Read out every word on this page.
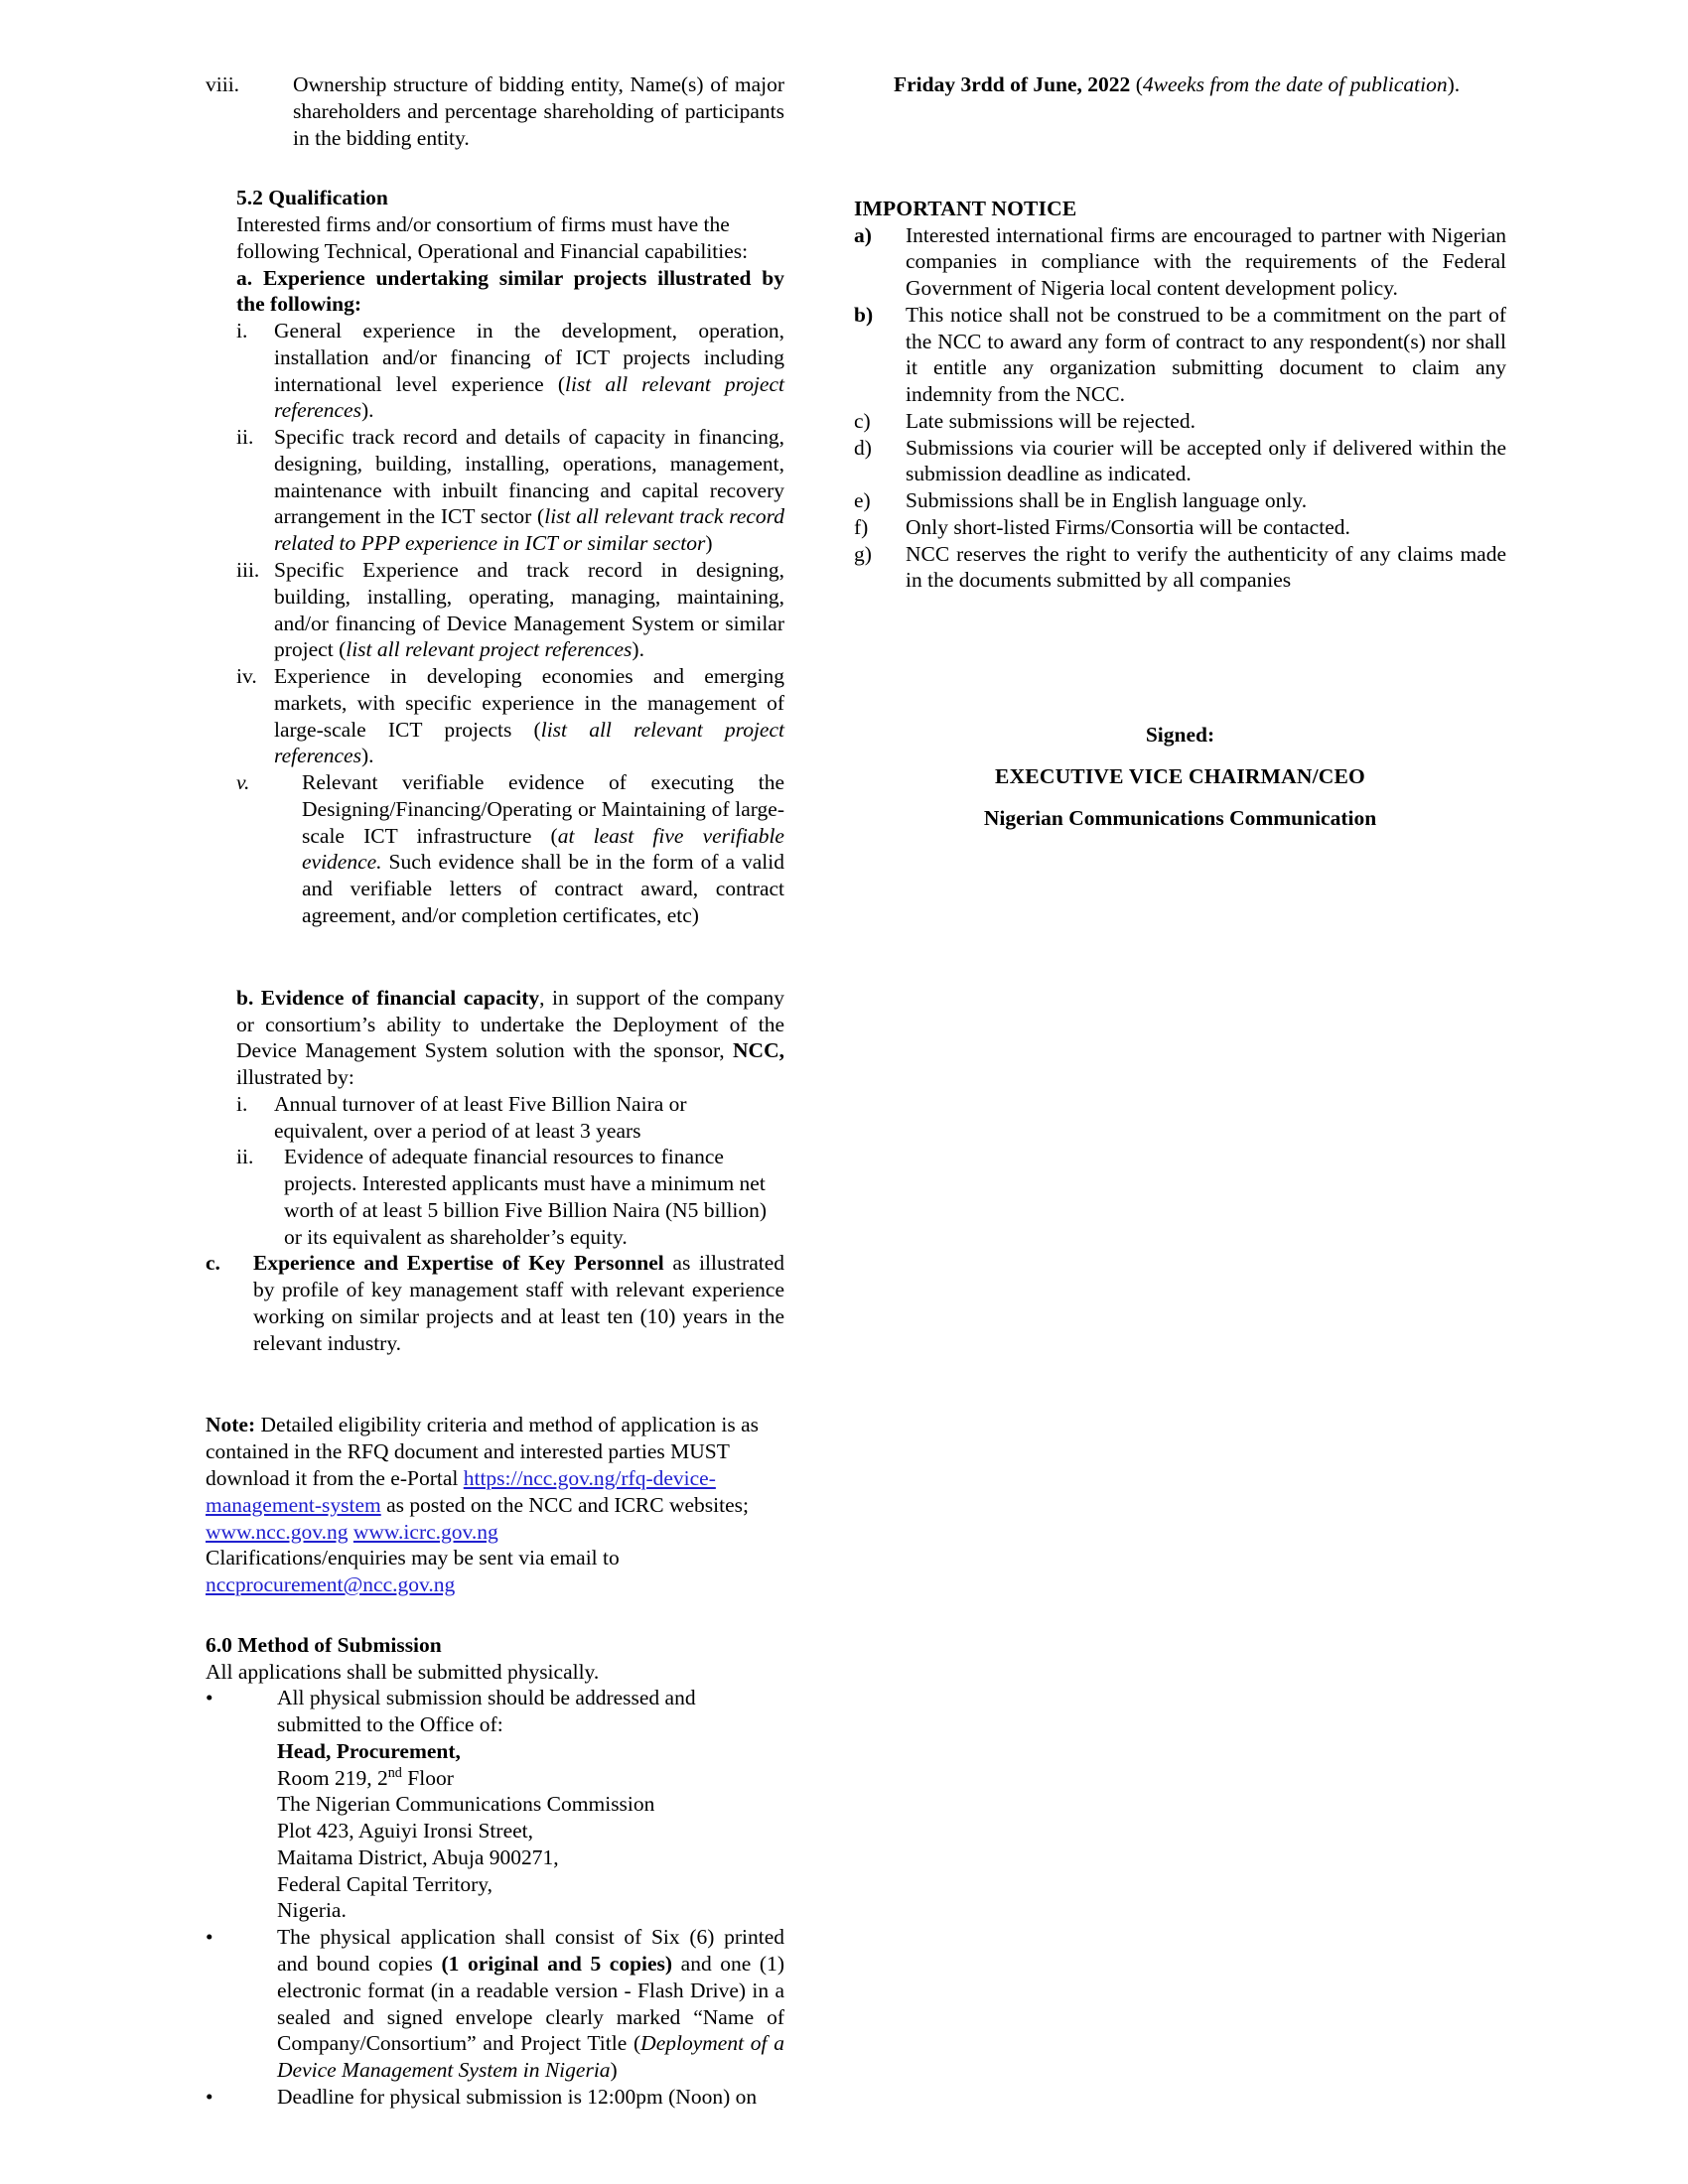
viii.	Ownership structure of bidding entity, Name(s) of major shareholders and percentage shareholding of participants in the bidding entity.
5.2 Qualification
Interested firms and/or consortium of firms must have the following Technical, Operational and Financial capabilities:
a. Experience undertaking similar projects illustrated by the following:
i.	General experience in the development, operation, installation and/or financing of ICT projects including international level experience (list all relevant project references).
ii. Specific track record and details of capacity in financing, designing, building, installing, operations, management, maintenance with inbuilt financing and capital recovery arrangement in the ICT sector (list all relevant track record related to PPP experience in ICT or similar sector)
iii. Specific Experience and track record in designing, building, installing, operating, managing, maintaining, and/or financing of Device Management System or similar project (list all relevant project references).
iv. Experience in developing economies and emerging markets, with specific experience in the management of large-scale ICT projects (list all relevant project references).
v.	Relevant verifiable evidence of executing the Designing/Financing/Operating or Maintaining of large-scale ICT infrastructure (at least five verifiable evidence. Such evidence shall be in the form of a valid and verifiable letters of contract award, contract agreement, and/or completion certificates, etc)
b. Evidence of financial capacity, in support of the company or consortium’s ability to undertake the Deployment of the Device Management System solution with the sponsor, NCC, illustrated by:
i.	Annual turnover of at least Five Billion Naira or equivalent, over a period of at least 3 years
ii.	Evidence of adequate financial resources to finance projects. Interested applicants must have a minimum net worth of at least 5 billion Five Billion Naira (N5 billion) or its equivalent as shareholder’s equity.
c.	Experience and Expertise of Key Personnel as illustrated by profile of key management staff with relevant experience working on similar projects and at least ten (10) years in the relevant industry.
Note: Detailed eligibility criteria and method of application is as contained in the RFQ document and interested parties MUST download it from the e-Portal https://ncc.gov.ng/rfq-device-management-system as posted on the NCC and ICRC websites; www.ncc.gov.ng www.icrc.gov.ng
Clarifications/enquiries may be sent via email to
nccprocurement@ncc.gov.ng
6.0 Method of Submission
All applications shall be submitted physically.
•	All physical submission should be addressed and submitted to the Office of:
Head, Procurement,
Room 219, 2nd Floor
The Nigerian Communications Commission
Plot 423, Aguiyi Ironsi Street,
Maitama District, Abuja 900271,
Federal Capital Territory,
Nigeria.
•	The physical application shall consist of Six (6) printed and bound copies (1 original and 5 copies) and one (1) electronic format (in a readable version - Flash Drive) in a sealed and signed envelope clearly marked “Name of Company/Consortium” and Project Title (Deployment of a Device Management System in Nigeria)
•	Deadline for physical submission is 12:00pm (Noon) on
Friday 3rdd of June, 2022 (4weeks from the date of publication).
IMPORTANT NOTICE
a)	Interested international firms are encouraged to partner with Nigerian companies in compliance with the requirements of the Federal Government of Nigeria local content development policy.
b)	This notice shall not be construed to be a commitment on the part of the NCC to award any form of contract to any respondent(s) nor shall it entitle any organization submitting document to claim any indemnity from the NCC.
c)	Late submissions will be rejected.
d)	Submissions via courier will be accepted only if delivered within the submission deadline as indicated.
e)	Submissions shall be in English language only.
f)	Only short-listed Firms/Consortia will be contacted.
g)	NCC reserves the right to verify the authenticity of any claims made in the documents submitted by all companies
Signed:
EXECUTIVE VICE CHAIRMAN/CEO
Nigerian Communications Communication
